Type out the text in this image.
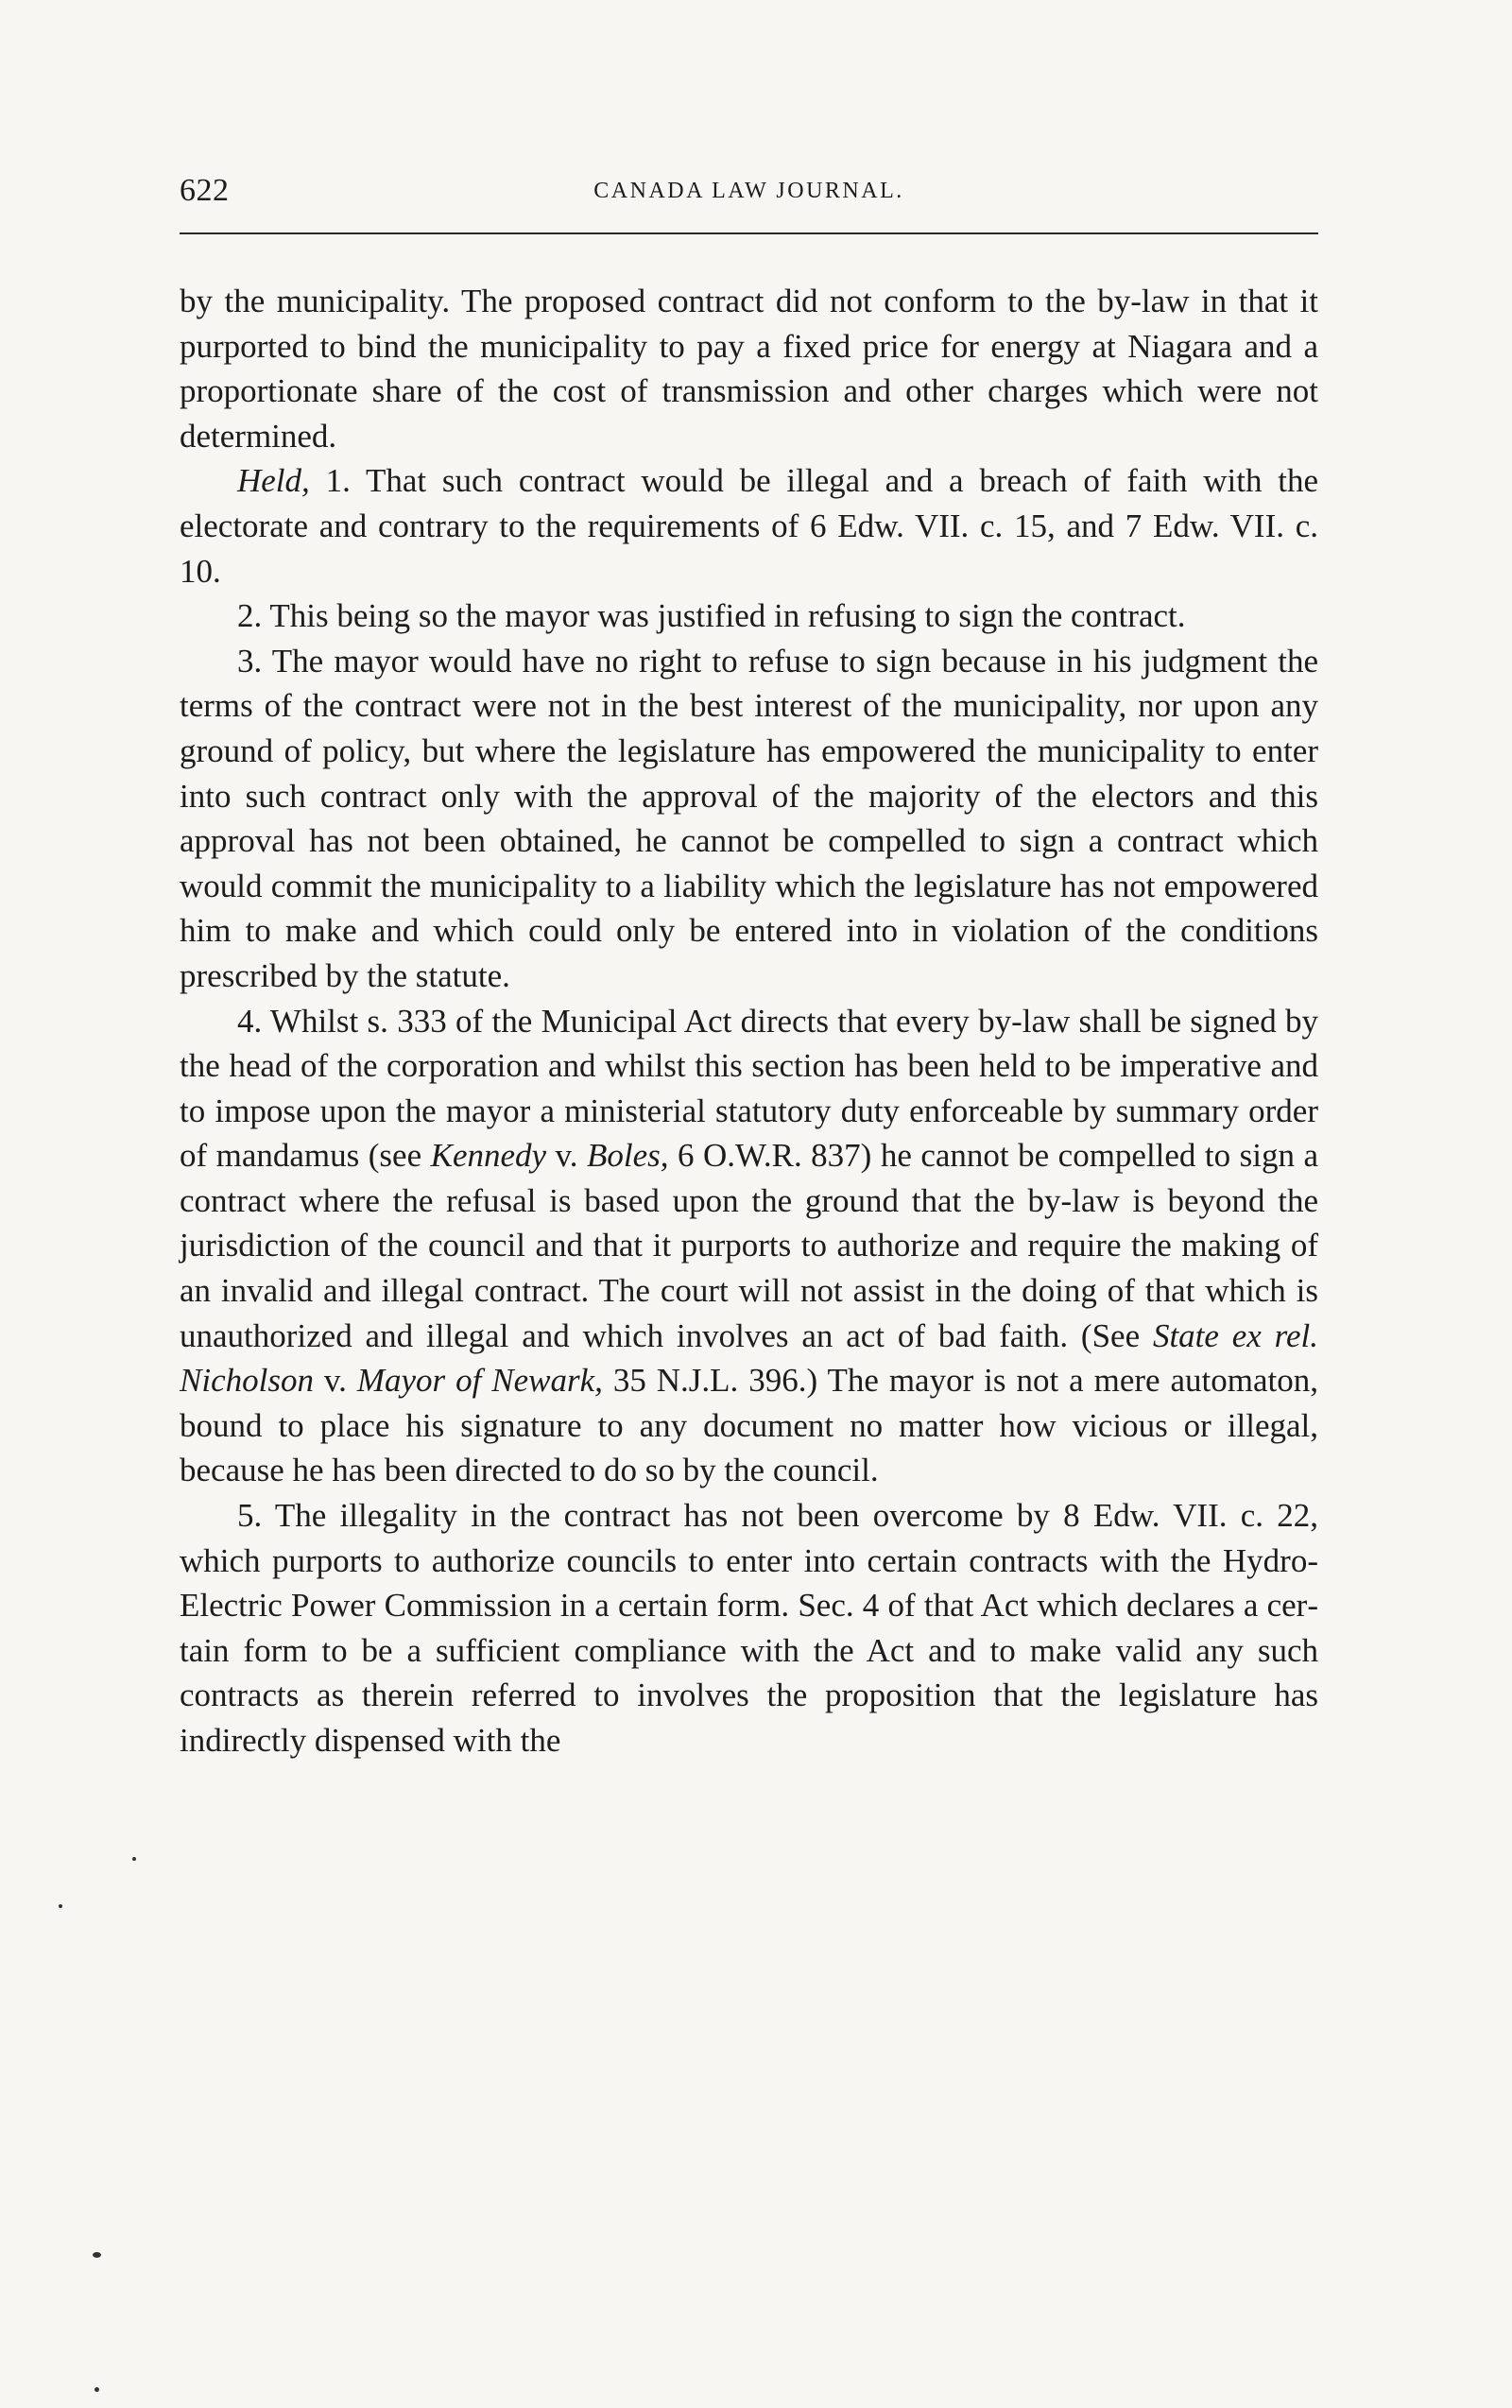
622	CANADA LAW JOURNAL.

by the municipality. The proposed contract did not conform to the by-law in that it purported to bind the municipality to pay a fixed price for energy at Niagara and a proportionate share of the cost of transmission and other charges which were not determined.

Held, 1. That such contract would be illegal and a breach of faith with the electorate and contrary to the requirements of 6 Edw. VII. c. 15, and 7 Edw. VII. c. 10.

2. This being so the mayor was justified in refusing to sign the contract.

3. The mayor would have no right to refuse to sign because in his judgment the terms of the contract were not in the best interest of the municipality, nor upon any ground of policy, but where the legislature has empowered the municipality to enter into such contract only with the approval of the majority of the electors and this approval has not been obtained, he cannot be compelled to sign a contract which would commit the municipality to a liability which the legislature has not empowered him to make and which could only be entered into in violation of the conditions prescribed by the statute.

4. Whilst s. 333 of the Municipal Act directs that every by-law shall be signed by the head of the corporation and whilst this section has been held to be imperative and to impose upon the mayor a ministerial statutory duty enforceable by summary order of mandamus (see Kennedy v. Boles, 6 O.W.R. 837) he cannot be compelled to sign a contract where the refusal is based upon the ground that the by-law is beyond the jurisdiction of the council and that it purports to authorize and require the making of an invalid and illegal contract. The court will not assist in the doing of that which is unauthorized and illegal and which involves an act of bad faith. (See State ex rel. Nicholson v. Mayor of Newark, 35 N.J.L. 396.) The mayor is not a mere automaton, bound to place his signature to any document no matter how vicious or illegal, because he has been directed to do so by the council.

5. The illegality in the contract has not been overcome by 8 Edw. VII. c. 22, which purports to authorize councils to enter into certain contracts with the Hydro-Electric Power Commission in a certain form. Sec. 4 of that Act which declares a certain form to be a sufficient compliance with the Act and to make valid any such contracts as therein referred to involves the proposition that the legislature has indirectly dispensed with the
